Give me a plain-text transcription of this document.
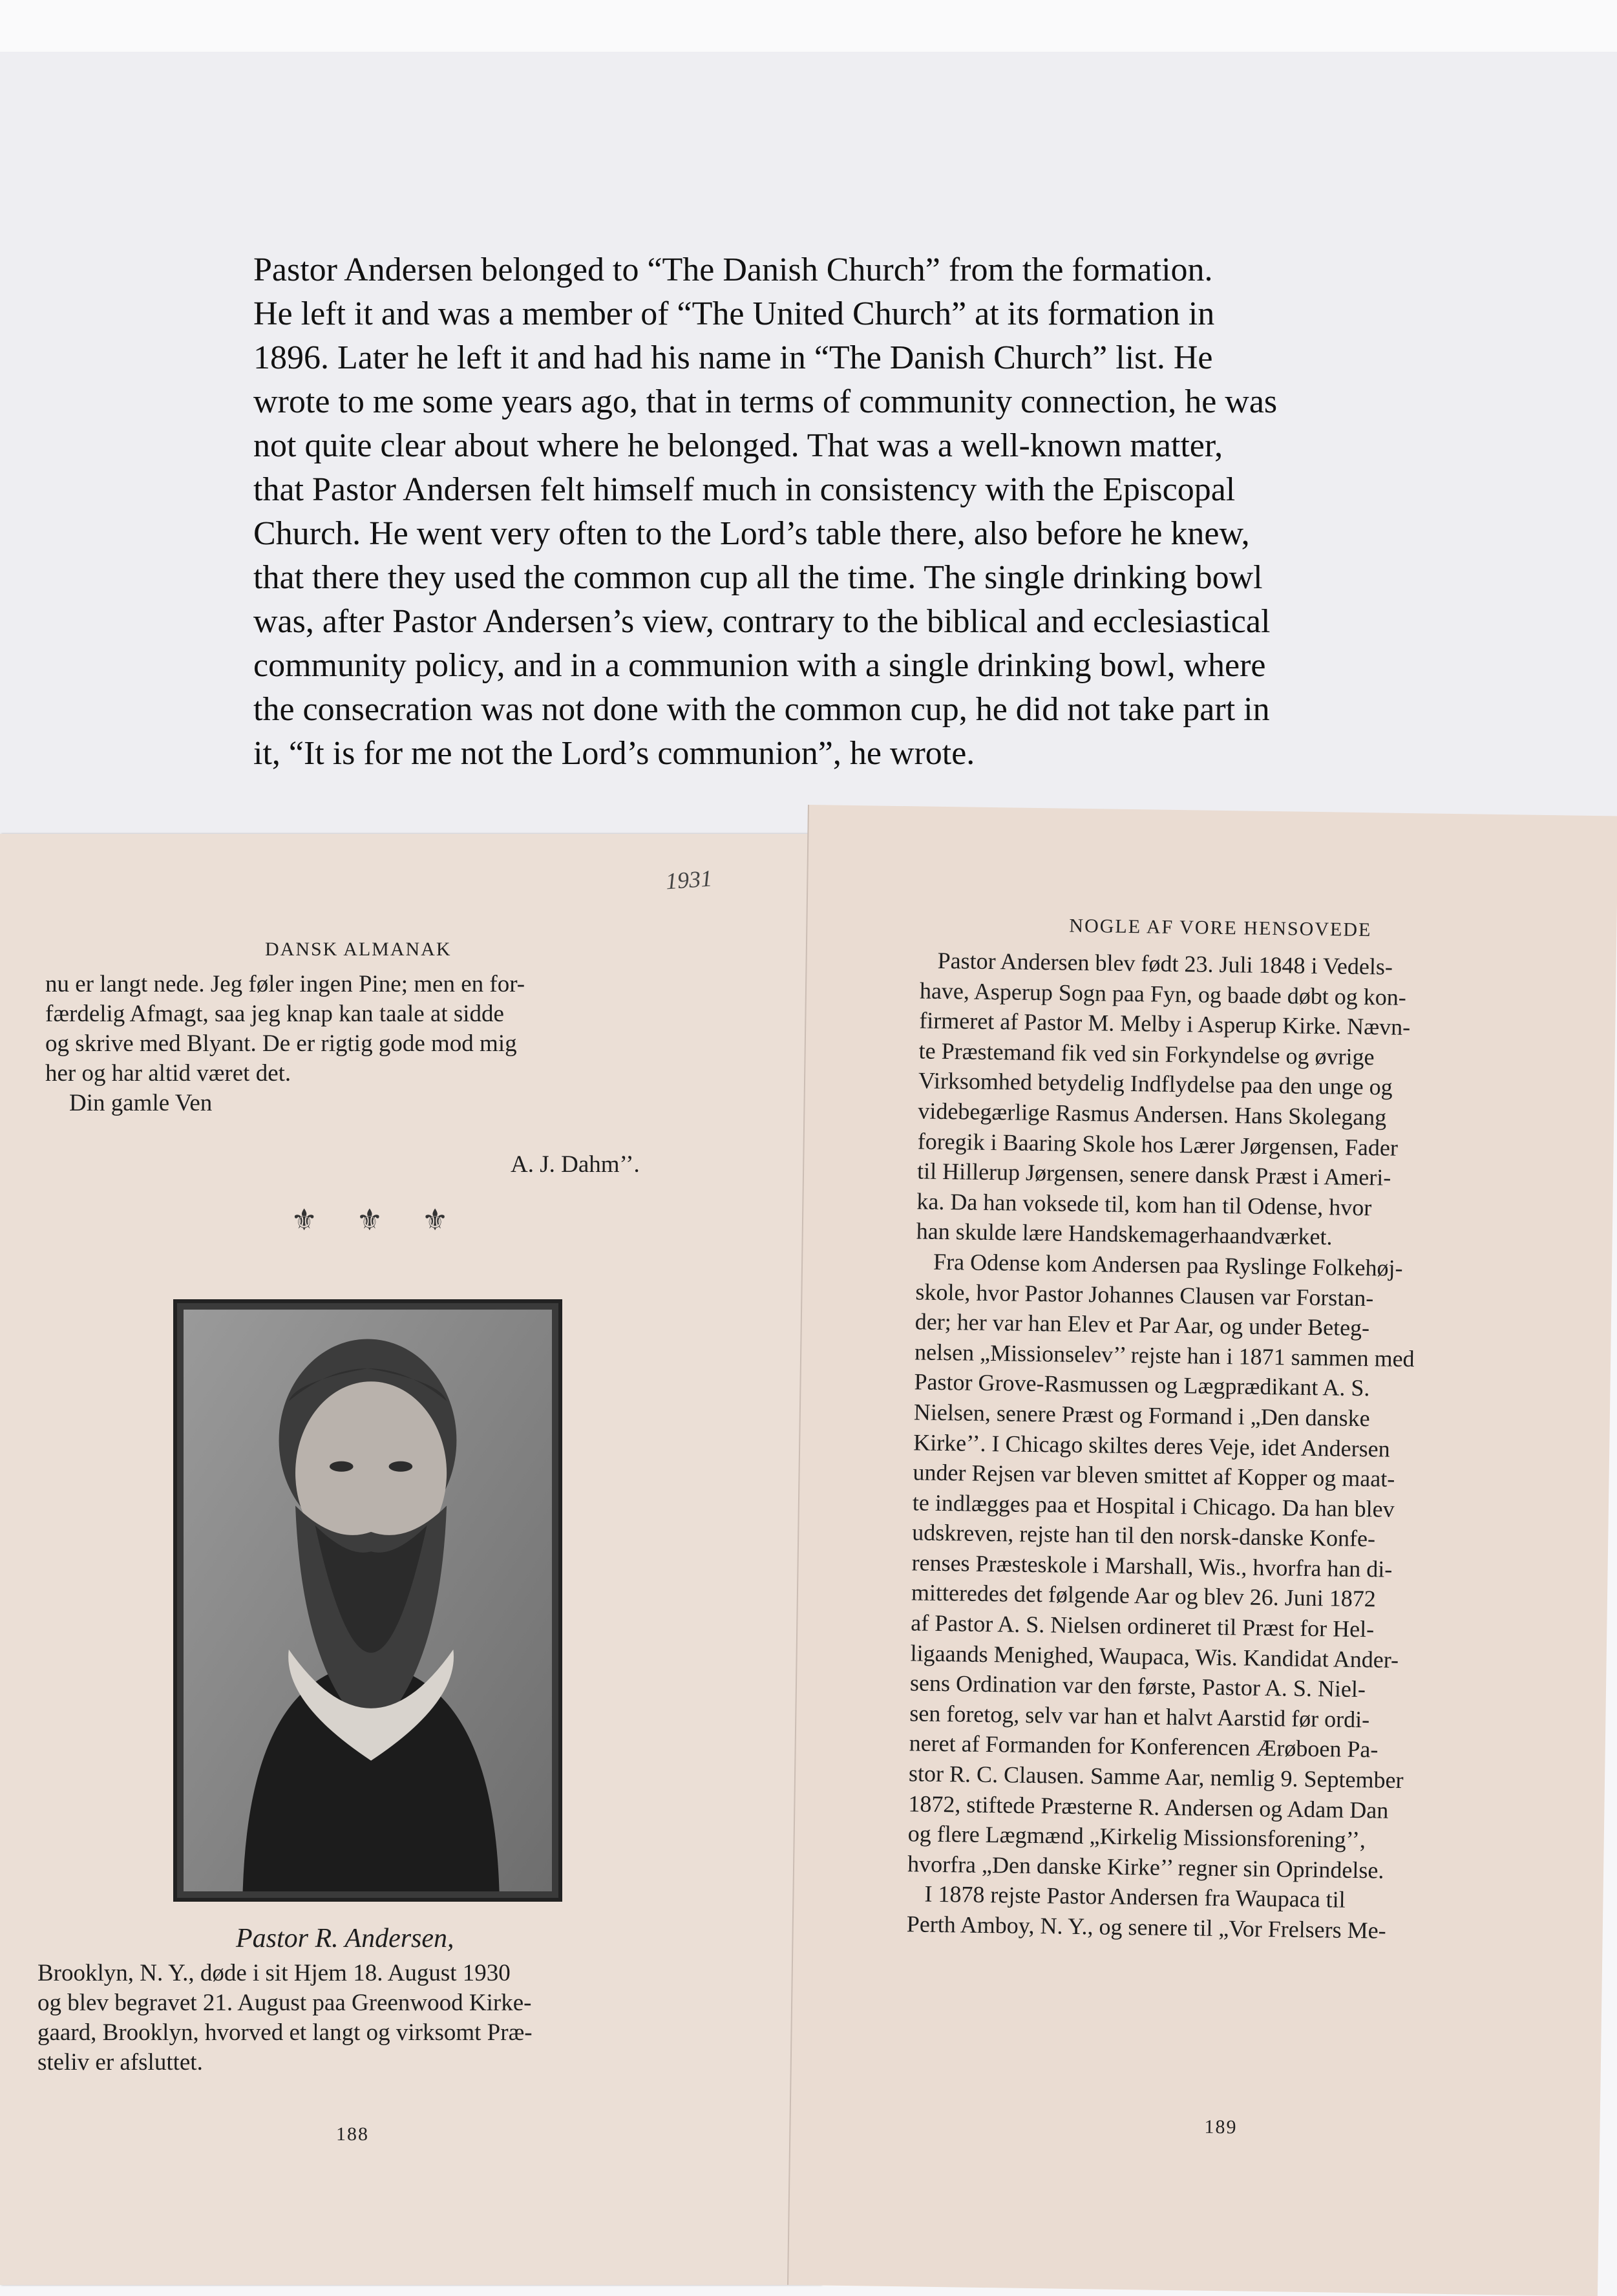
Pastor Andersen belonged to “The Danish Church” from the formation.

He left it and was a member of “The United Church” at its formation in

1896. Later he left it and had his name in “The Danish Church” list. He

wrote to me some years ago, that in terms of community connection, he was

not quite clear about where he belonged. That was a well-known matter,

that Pastor Andersen felt himself much in consistency with the Episcopal

Church. He went very often to the Lord’s table there, also before he knew,

that there they used the common cup all the time. The single drinking bowl

was, after Pastor Andersen’s view, contrary to the biblical and ecclesiastical

community policy, and in a communion with a single drinking bowl, where

the consecration was not done with the common cup, he did not take part in

it, “It is for me not the Lord’s communion”, he wrote.

1931
DANSK ALMANAK

nu er langt nede. Jeg føler ingen Pine; men en for-

færdelig Afmagt, saa jeg knap kan taale at sidde

og skrive med Blyant. De er rigtig gode mod mig

her og har altid været det.

Din gamle Ven

A. J. Dahm’’.
⚜⚜⚜
Pastor R. Andersen,

Brooklyn, N. Y., døde i sit Hjem 18. August 1930

og blev begravet 21. August paa Greenwood Kirke-

gaard, Brooklyn, hvorved et langt og virksomt Præ-

steliv er afsluttet.

188
NOGLE AF VORE HENSOVEDE

Pastor Andersen blev født 23. Juli 1848 i Vedels-

have, Asperup Sogn paa Fyn, og baade døbt og kon-

firmeret af Pastor M. Melby i Asperup Kirke. Nævn-

te Præstemand fik ved sin Forkyndelse og øvrige

Virksomhed betydelig Indflydelse paa den unge og

videbegærlige Rasmus Andersen. Hans Skolegang

foregik i Baaring Skole hos Lærer Jørgensen, Fader

til Hillerup Jørgensen, senere dansk Præst i Ameri-

ka. Da han voksede til, kom han til Odense, hvor

han skulde lære Handskemagerhaandværket.

Fra Odense kom Andersen paa Ryslinge Folkehøj-

skole, hvor Pastor Johannes Clausen var Forstan-

der; her var han Elev et Par Aar, og under Beteg-

nelsen „Missionselev’’ rejste han i 1871 sammen med

Pastor Grove-Rasmussen og Lægprædikant A. S.

Nielsen, senere Præst og Formand i „Den danske

Kirke’’. I Chicago skiltes deres Veje, idet Andersen

under Rejsen var bleven smittet af Kopper og maat-

te indlægges paa et Hospital i Chicago. Da han blev

udskreven, rejste han til den norsk-danske Konfe-

renses Præsteskole i Marshall, Wis., hvorfra han di-

mitteredes det følgende Aar og blev 26. Juni 1872

af Pastor A. S. Nielsen ordineret til Præst for Hel-

ligaands Menighed, Waupaca, Wis. Kandidat Ander-

sens Ordination var den første, Pastor A. S. Niel-

sen foretog, selv var han et halvt Aarstid før ordi-

neret af Formanden for Konferencen Ærøboen Pa-

stor R. C. Clausen. Samme Aar, nemlig 9. September

1872, stiftede Præsterne R. Andersen og Adam Dan

og flere Lægmænd „Kirkelig Missionsforening’’,

hvorfra „Den danske Kirke’’ regner sin Oprindelse.

I 1878 rejste Pastor Andersen fra Waupaca til

Perth Amboy, N. Y., og senere til „Vor Frelsers Me-

189
